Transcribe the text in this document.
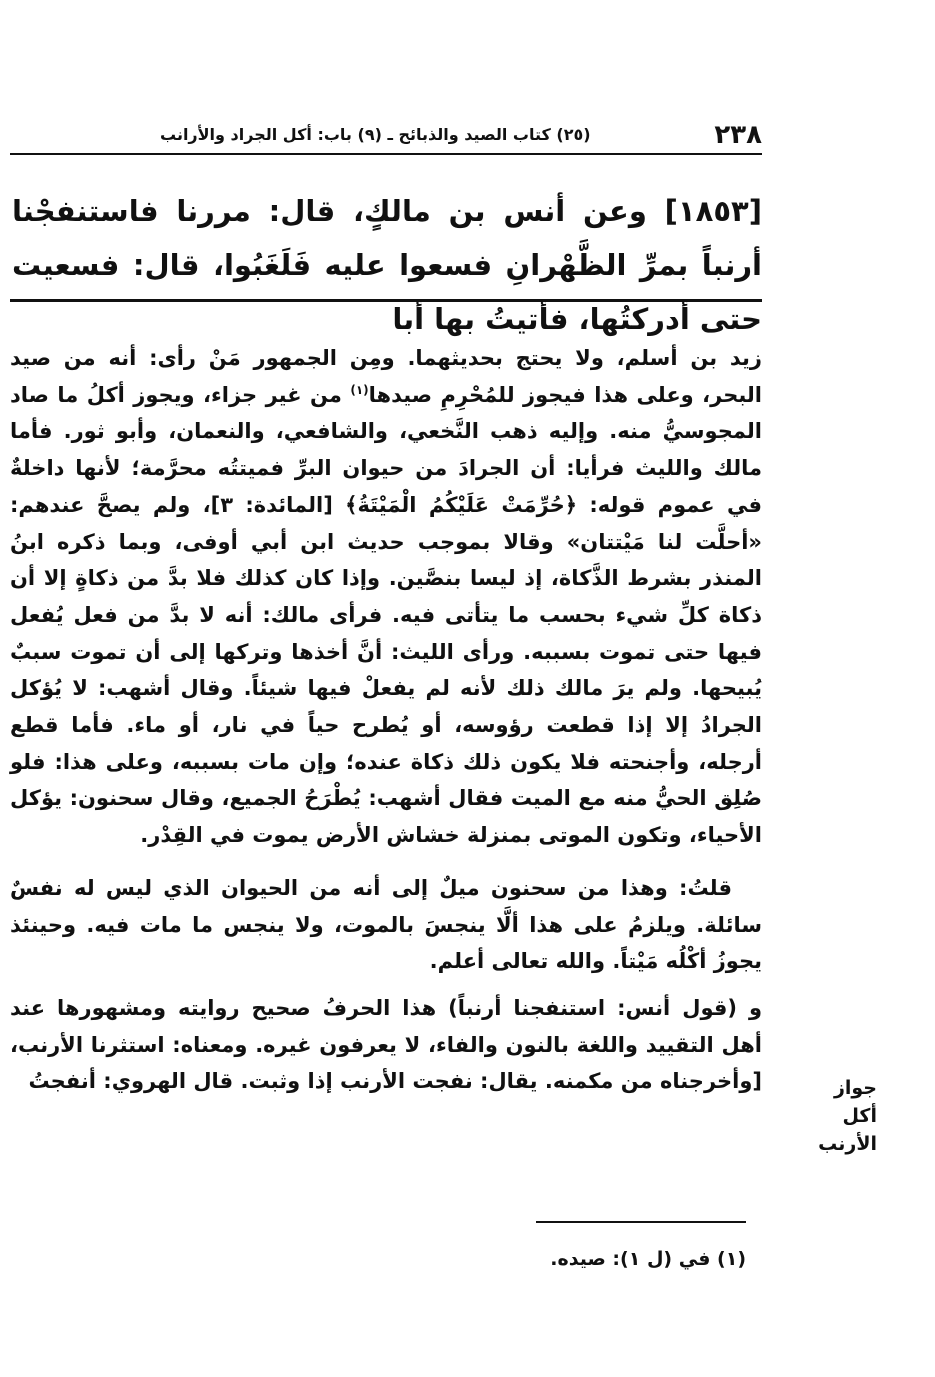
٢٣٨
(٢٥) كتاب الصيد والذبائح ـ (٩) باب: أكل الجراد والأرانب

[١٨٥٣] وعن أنس بن مالكٍ، قال: مررنا فاستنفجْنا أرنباً بمرِّ الظَّهْرانِ فسعوا عليه فَلَغَبُوا، قال: فسعيت حتى أدركتُها، فأتيتُ بها أبا

زيد بن أسلم، ولا يحتج بحديثهما. ومِن الجمهور مَنْ رأى: أنه من صيد البحر، وعلى هذا فيجوز للمُحْرِمِ صيدها$^{(١)}$ من غير جزاء، ويجوز أكلُ ما صاد المجوسيُّ منه. وإليه ذهب النَّخعي، والشافعي، والنعمان، وأبو ثور. فأما مالك والليث فرأيا: أن الجرادَ من حيوان البرِّ فميتتُه محرَّمة؛ لأنها داخلةٌ في عموم قوله: ﴿حُرِّمَتْ عَلَيْكُمُ الْمَيْتَةُ﴾ [المائدة: ٣]، ولم يصحَّ عندهم: «أحلَّت لنا مَيْتتان» وقالا بموجب حديث ابن أبي أوفى، وبما ذكره ابنُ المنذر بشرط الذَّكاة، إذ ليسا بنصَّين. وإذا كان كذلك فلا بدَّ من ذكاةٍ إلا أن ذكاة كلِّ شيء بحسب ما يتأتى فيه. فرأى مالك: أنه لا بدَّ من فعل يُفعل فيها حتى تموت بسببه. ورأى الليث: أنَّ أخذها وتركها إلى أن تموت سببٌ يُبيحها. ولم يرَ مالك ذلك لأنه لم يفعلْ فيها شيئاً. وقال أشهب: لا يُؤكل الجرادُ إلا إذا قطعت رؤوسه، أو يُطرح حياً في نار، أو ماء. فأما قطع أرجله، وأجنحته فلا يكون ذلك ذكاة عنده؛ وإن مات بسببه، وعلى هذا: فلو صُلِق الحيُّ منه مع الميت فقال أشهب: يُطْرَحُ الجميع، وقال سحنون: يؤكل الأحياء، وتكون الموتى بمنزلة خشاش الأرض يموت في القِدْر.

قلتُ: وهذا من سحنون ميلٌ إلى أنه من الحيوان الذي ليس له نفسٌ سائلة. ويلزمُ على هذا ألَّا ينجسَ بالموت، ولا ينجس ما مات فيه. وحينئذ يجوزُ أكْلُه مَيْتاً. والله تعالى أعلم.

و (قول أنس: استنفجنا أرنباً) هذا الحرفُ صحيح روايته ومشهورها عند أهل التقييد واللغة بالنون والفاء، لا يعرفون غيره. ومعناه: استثرنا الأرنب، [وأخرجناه من مكمنه. يقال: نفجت الأرنب إذا وثبت. قال الهروي: أنفجتُ	جواز أكل الأرنب
(١) في (ل ١): صيده.
